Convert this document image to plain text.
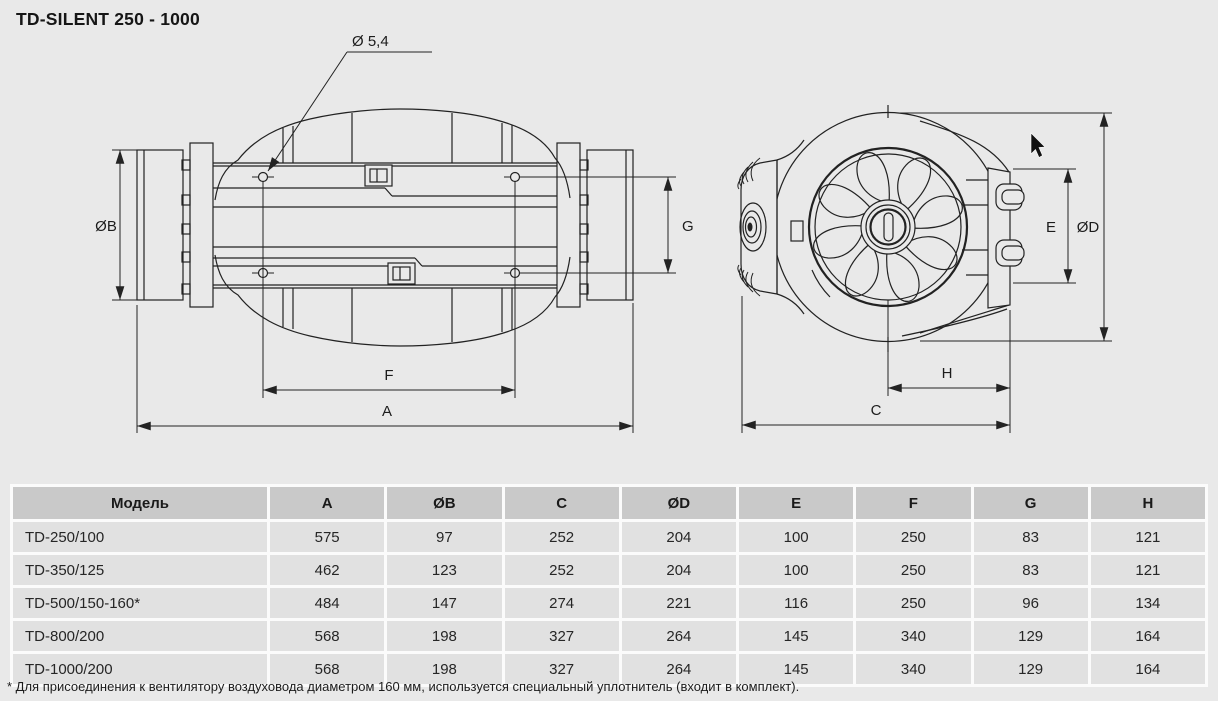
TD-SILENT 250 - 1000
Ø 5,4
ØB	G
F
A
E ØD
H
C
Модель	A	ØB	C	ØD	E	F	G	H
TD-250/100	575	97	252	204	100	250	83	121
TD-350/125	462	123	252	204	100	250	83	121
TD-500/150-160*	484	147	274	221	116	250	96	134
TD-800/200	568	198	327	264	145	340	129	164
TD-1000/200	568	198	327	264	145	340	129	164

* Для присоединения к вентилятору воздуховода диаметром 160 мм, используется специальный уплотнитель (входит в комплект).
